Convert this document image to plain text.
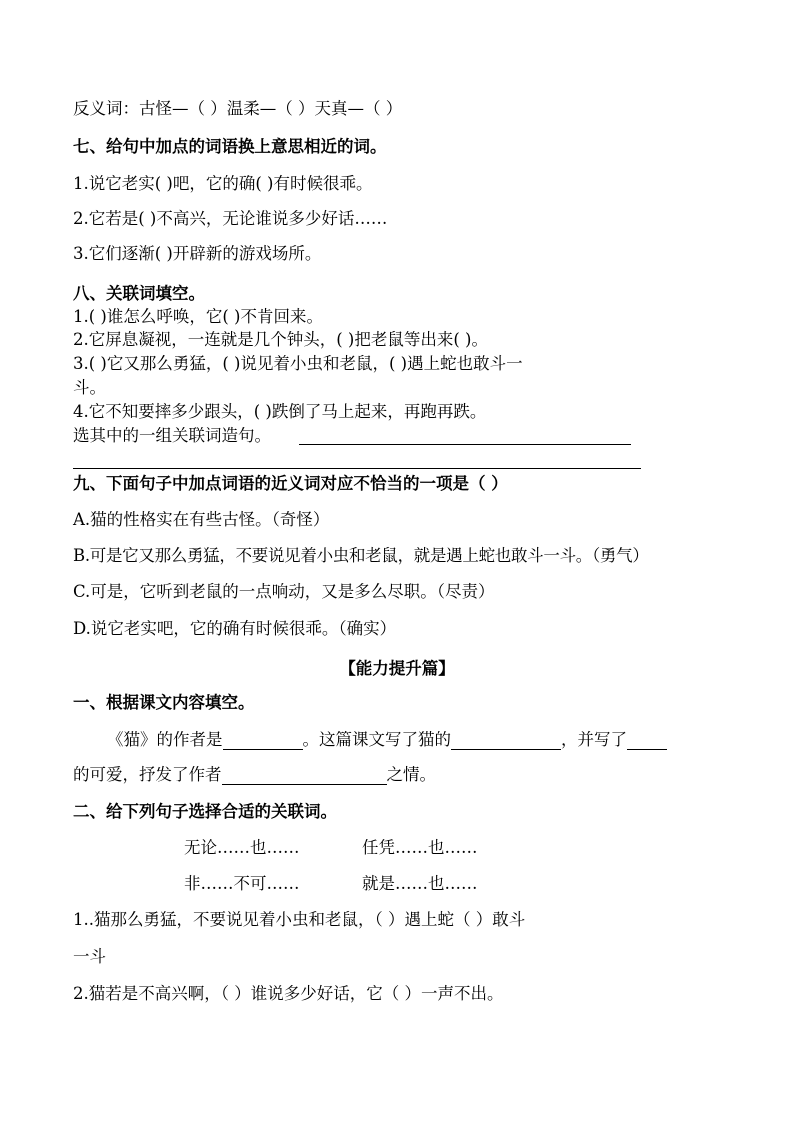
反义词：古怪—（ ）温柔—（ ）天真—（ ）
七、给句中加点的词语换上意思相近的词。
1.说它老实( )吧，它的确( )有时候很乖。
2.它若是( )不高兴，无论谁说多少好话……
3.它们逐渐( )开辟新的游戏场所。
八、关联词填空。
1.( )谁怎么呼唤，它( )不肯回来。
2.它屏息凝视，一连就是几个钟头，( )把老鼠等出来( )。
3.( )它又那么勇猛，( )说见着小虫和老鼠，( )遇上蛇也敢斗一
斗。
4.它不知要摔多少跟头，( )跌倒了马上起来，再跑再跌。
选其中的一组关联词造句。
九、下面句子中加点词语的近义词对应不恰当的一项是（ ）
A.猫的性格实在有些古怪。（奇怪）
B.可是它又那么勇猛，不要说见着小虫和老鼠，就是遇上蛇也敢斗一斗。（勇气）
C.可是，它听到老鼠的一点响动，又是多么尽职。（尽责）
D.说它老实吧，它的确有时候很乖。（确实）
【能力提升篇】
一、根据课文内容填空。
《猫》的作者是	。这篇课文写了猫的	，并写了
的可爱，抒发了作者	之情。
二、给下列句子选择合适的关联词。
无论……也……	任凭……也……
非……不可……	就是……也……
1..猫那么勇猛，不要说见着小虫和老鼠，（ ）遇上蛇（ ）敢斗
一斗
2.猫若是不高兴啊，（ ）谁说多少好话，它（ ）一声不出。
